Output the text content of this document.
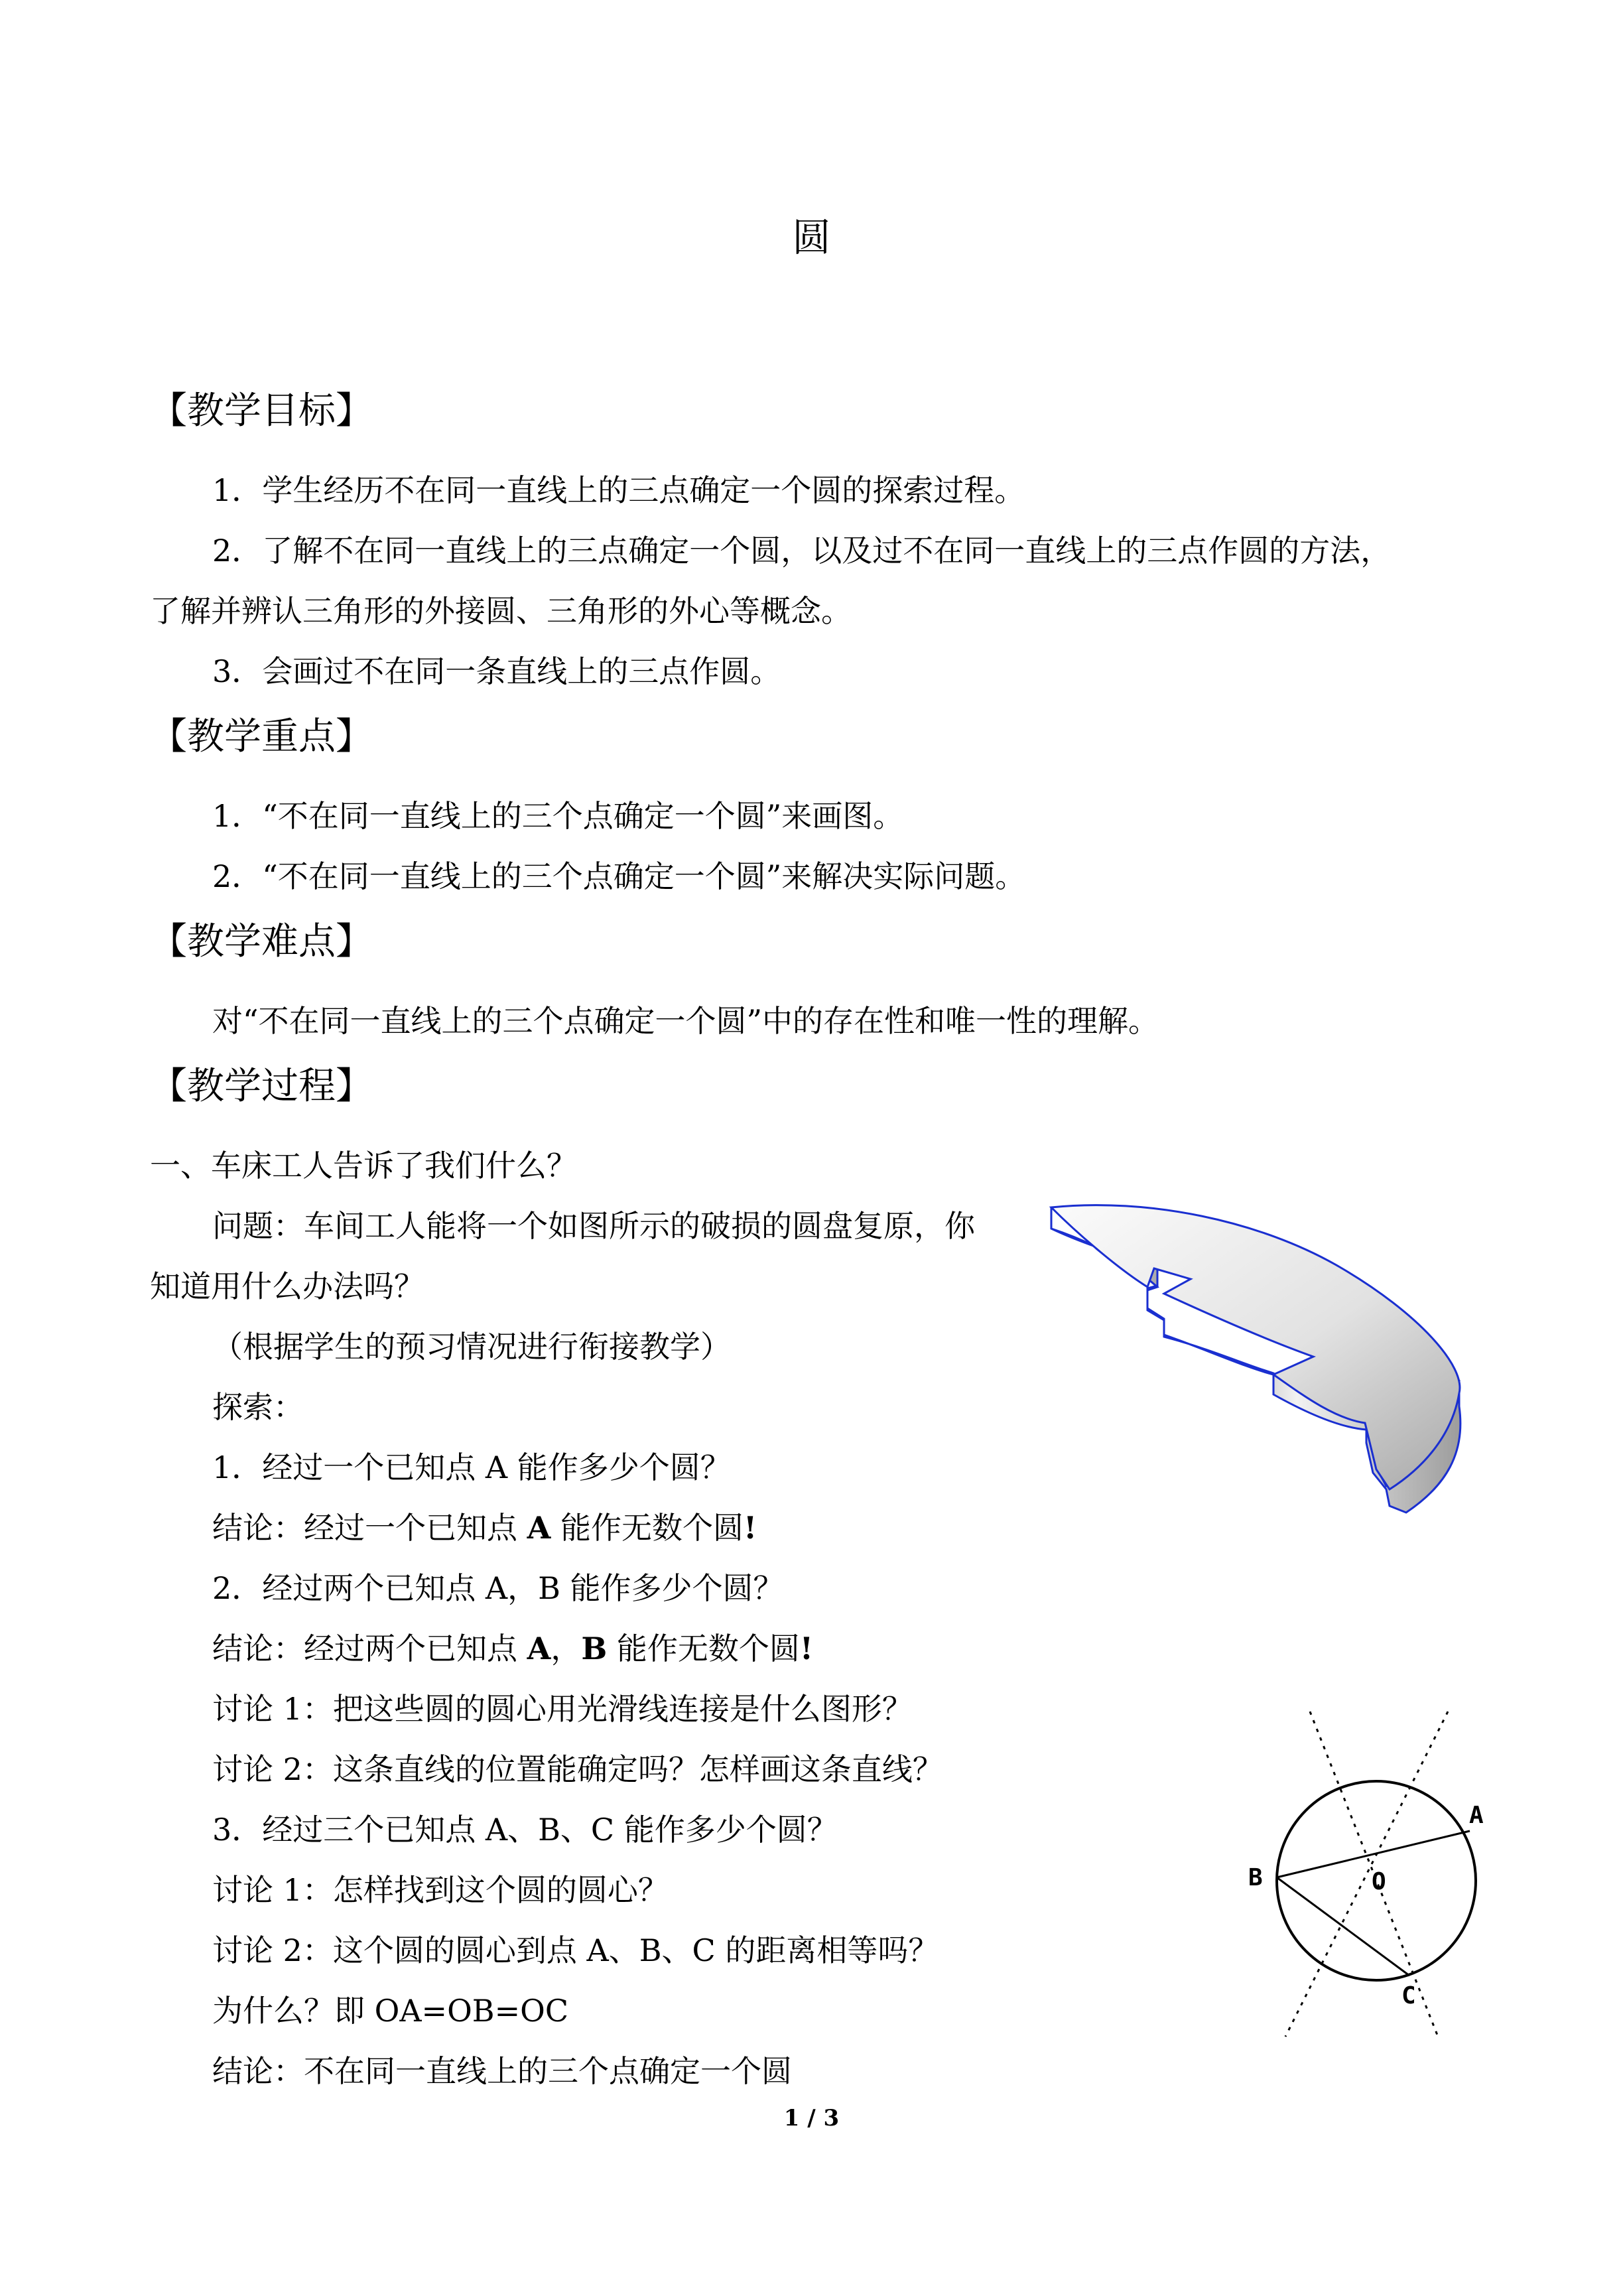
圆
【教学目标】
1．学生经历不在同一直线上的三点确定一个圆的探索过程。
2．了解不在同一直线上的三点确定一个圆，以及过不在同一直线上的三点作圆的方法，
了解并辨认三角形的外接圆、三角形的外心等概念。
3．会画过不在同一条直线上的三点作圆。
【教学重点】
1．“不在同一直线上的三个点确定一个圆”来画图。
2．“不在同一直线上的三个点确定一个圆”来解决实际问题。
【教学难点】
对“不在同一直线上的三个点确定一个圆”中的存在性和唯一性的理解。
【教学过程】
一、车床工人告诉了我们什么？
问题：车间工人能将一个如图所示的破损的圆盘复原，你
知道用什么办法吗？
（根据学生的预习情况进行衔接教学）
探索：
1．经过一个已知点 A 能作多少个圆？
结论：经过一个已知点 A 能作无数个圆!
2．经过两个已知点 A，B 能作多少个圆？
结论：经过两个已知点 A，B 能作无数个圆!
讨论 1：把这些圆的圆心用光滑线连接是什么图形？
讨论 2：这条直线的位置能确定吗？怎样画这条直线？
3．经过三个已知点 A、B、C 能作多少个圆？
讨论 1：怎样找到这个圆的圆心？
讨论 2：这个圆的圆心到点 A、B、C 的距离相等吗？
为什么？即 OA=OB=OC
结论：不在同一直线上的三个点确定一个圆
A
B
C
O
1 / 3
